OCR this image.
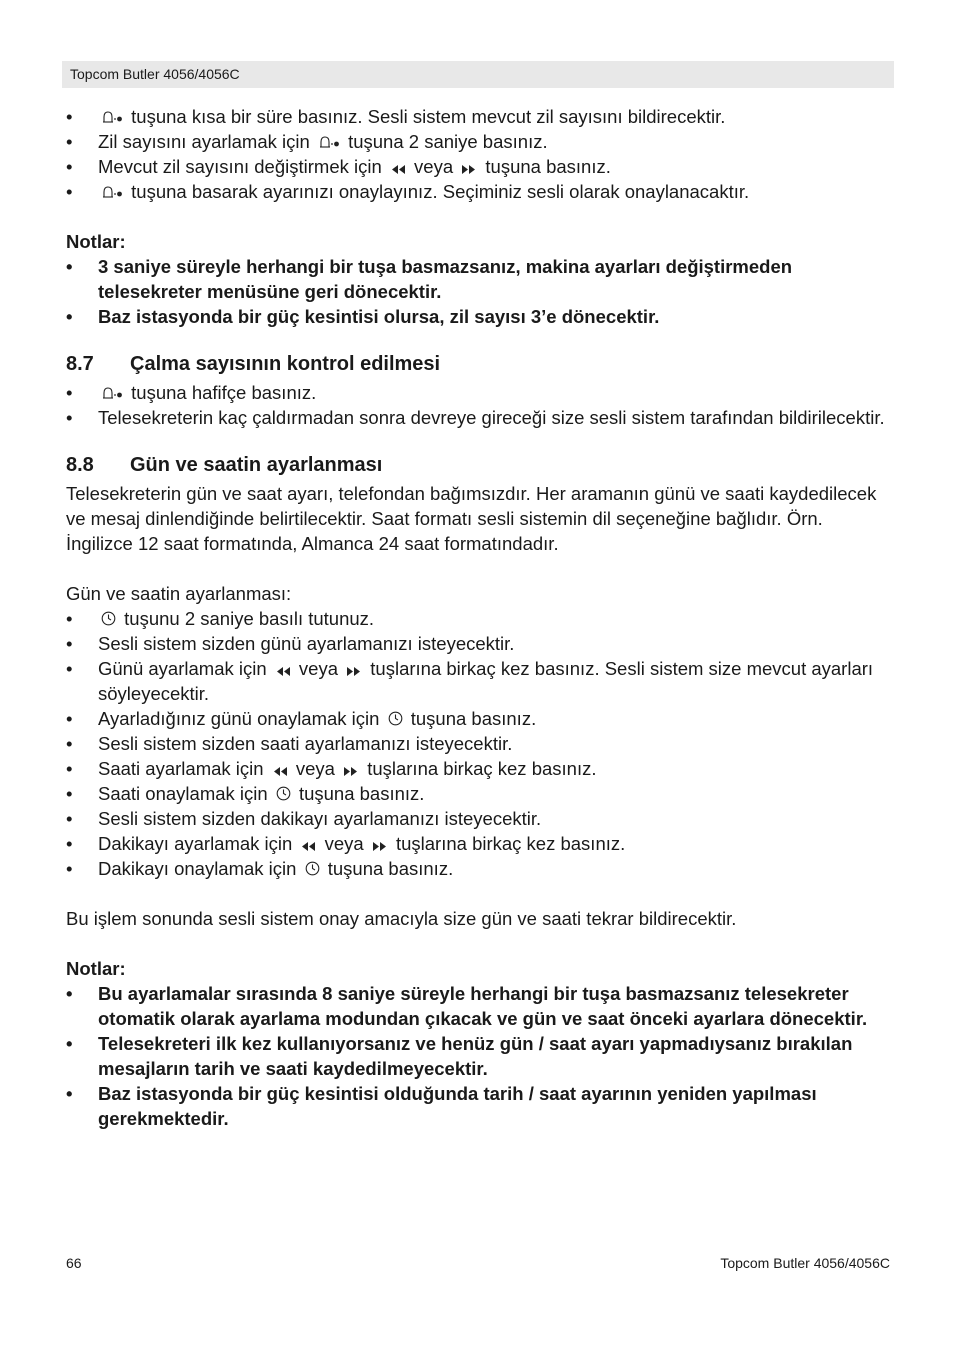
Topcom Butler 4056/4056C
• tuşuna kısa bir süre basınız. Sesli sistem mevcut zil sayısını bildirecektir.
• Zil sayısını ayarlamak için tuşuna 2 saniye basınız.
• Mevcut zil sayısını değiştirmek için veya tuşuna basınız.
• tuşuna basarak ayarınızı onaylayınız. Seçiminiz sesli olarak onaylanacaktır.
Notlar:
• 3 saniye süreyle herhangi bir tuşa basmazsanız, makina ayarları değiştirmeden telesekreter menüsüne geri dönecektir.
• Baz istasyonda bir güç kesintisi olursa, zil sayısı 3’e dönecektir.
8.7	Çalma sayısının kontrol edilmesi
• tuşuna hafifçe basınız.
• Telesekreterin kaç çaldırmadan sonra devreye gireceği size sesli sistem tarafından bildirilecektir.
8.8	Gün ve saatin ayarlanması

Telesekreterin gün ve saat ayarı, telefondan bağımsızdır. Her aramanın günü ve saati kaydedilecek ve mesaj dinlendiğinde belirtilecektir. Saat formatı sesli sistemin dil seçeneğine bağlıdır. Örn. İngilizce 12 saat formatında, Almanca 24 saat formatındadır.

Gün ve saatin ayarlanması:

• tuşunu 2 saniye basılı tutunuz.
• Sesli sistem sizden günü ayarlamanızı isteyecektir.
• Günü ayarlamak için veya tuşlarına birkaç kez basınız. Sesli sistem size mevcut ayarları söyleyecektir.
• Ayarladığınız günü onaylamak için tuşuna basınız.
• Sesli sistem sizden saati ayarlamanızı isteyecektir.
• Saati ayarlamak için veya tuşlarına birkaç kez basınız.
• Saati onaylamak için tuşuna basınız.
• Sesli sistem sizden dakikayı ayarlamanızı isteyecektir.
• Dakikayı ayarlamak için veya tuşlarına birkaç kez basınız.
• Dakikayı onaylamak için tuşuna basınız.

Bu işlem sonunda sesli sistem onay amacıyla size gün ve saati tekrar bildirecektir.

Notlar:
• Bu ayarlamalar sırasında 8 saniye süreyle herhangi bir tuşa basmazsanız telesekreter otomatik olarak ayarlama modundan çıkacak ve gün ve saat önceki ayarlara dönecektir.
• Telesekreteri ilk kez kullanıyorsanız ve henüz gün / saat ayarı yapmadıysanız bırakılan mesajların tarih ve saati kaydedilmeyecektir.
• Baz istasyonda bir güç kesintisi olduğunda tarih / saat ayarının yeniden yapılması gerekmektedir.
66	Topcom Butler 4056/4056C
